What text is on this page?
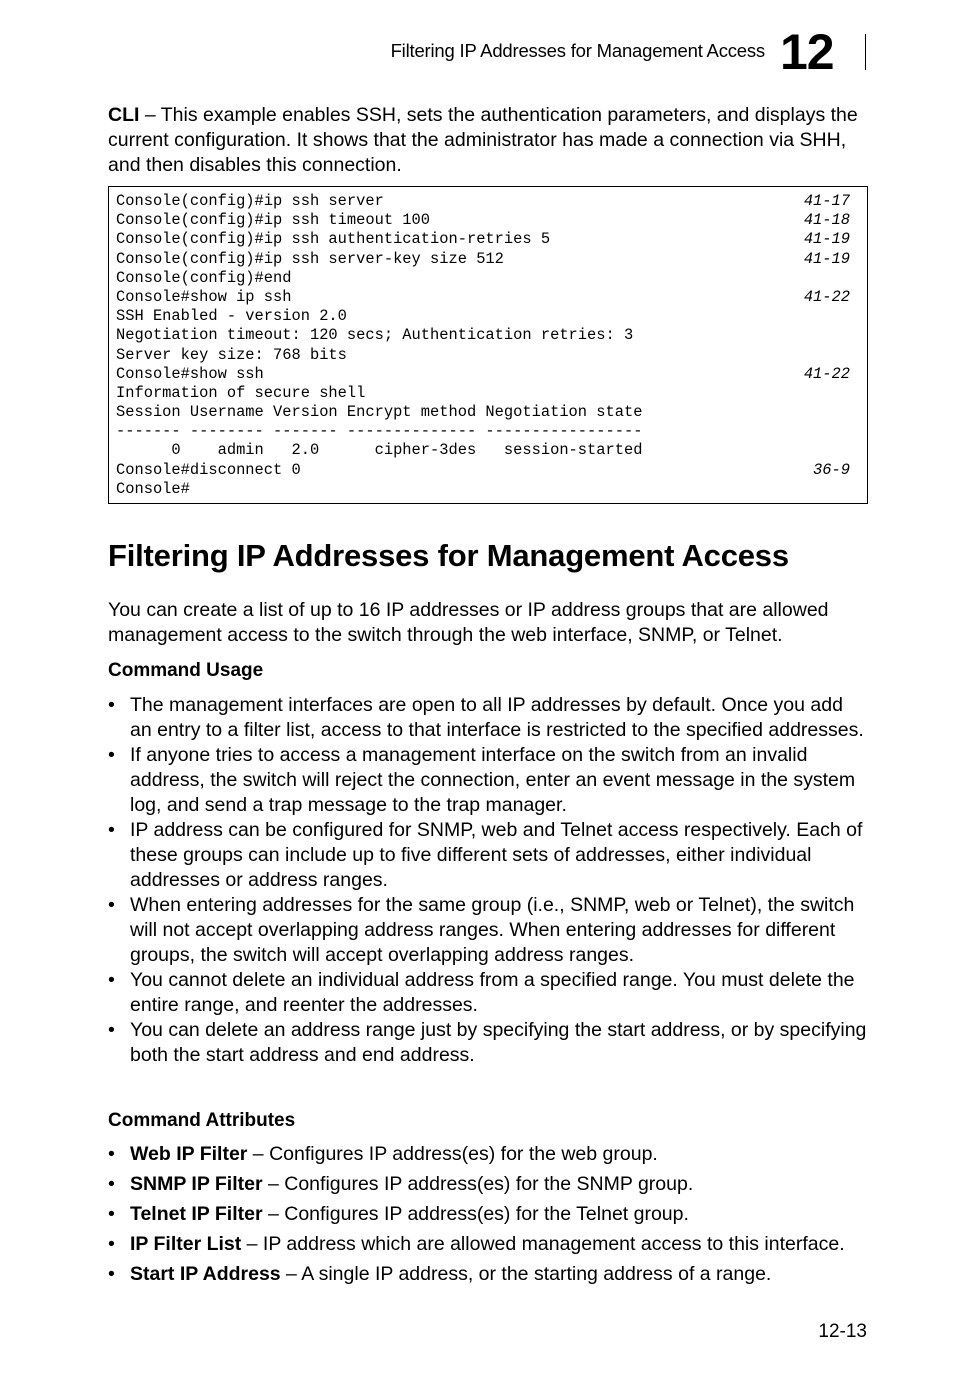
Filtering IP Addresses for Management Access 12

CLI – This example enables SSH, sets the authentication parameters, and displays the current configuration. It shows that the administrator has made a connection via SHH, and then disables this connection.

Console(config)#ip ssh server	41-17
Console(config)#ip ssh timeout 100	41-18
Console(config)#ip ssh authentication-retries 5	41-19
Console(config)#ip ssh server-key size 512	41-19
Console(config)#end
Console#show ip ssh	41-22
SSH Enabled - version 2.0
Negotiation timeout: 120 secs; Authentication retries: 3
Server key size: 768 bits
Console#show ssh	41-22
Information of secure shell
Session Username Version Encrypt method Negotiation state
------- -------- ------- -------------- -----------------
0    admin   2.0      cipher-3des   session-started
Console#disconnect 0	36-9
Console#
Filtering IP Addresses for Management Access

You can create a list of up to 16 IP addresses or IP address groups that are allowed management access to the switch through the web interface, SNMP, or Telnet.

Command Usage
• The management interfaces are open to all IP addresses by default. Once you add an entry to a filter list, access to that interface is restricted to the specified addresses.
• If anyone tries to access a management interface on the switch from an invalid address, the switch will reject the connection, enter an event message in the system log, and send a trap message to the trap manager.
• IP address can be configured for SNMP, web and Telnet access respectively. Each of these groups can include up to five different sets of addresses, either individual addresses or address ranges.
• When entering addresses for the same group (i.e., SNMP, web or Telnet), the switch will not accept overlapping address ranges. When entering addresses for different groups, the switch will accept overlapping address ranges.
• You cannot delete an individual address from a specified range. You must delete the entire range, and reenter the addresses.
• You can delete an address range just by specifying the start address, or by specifying both the start address and end address.
Command Attributes
• Web IP Filter – Configures IP address(es) for the web group.
• SNMP IP Filter – Configures IP address(es) for the SNMP group.
• Telnet IP Filter – Configures IP address(es) for the Telnet group.
• IP Filter List – IP address which are allowed management access to this interface.
• Start IP Address – A single IP address, or the starting address of a range.
12-13
